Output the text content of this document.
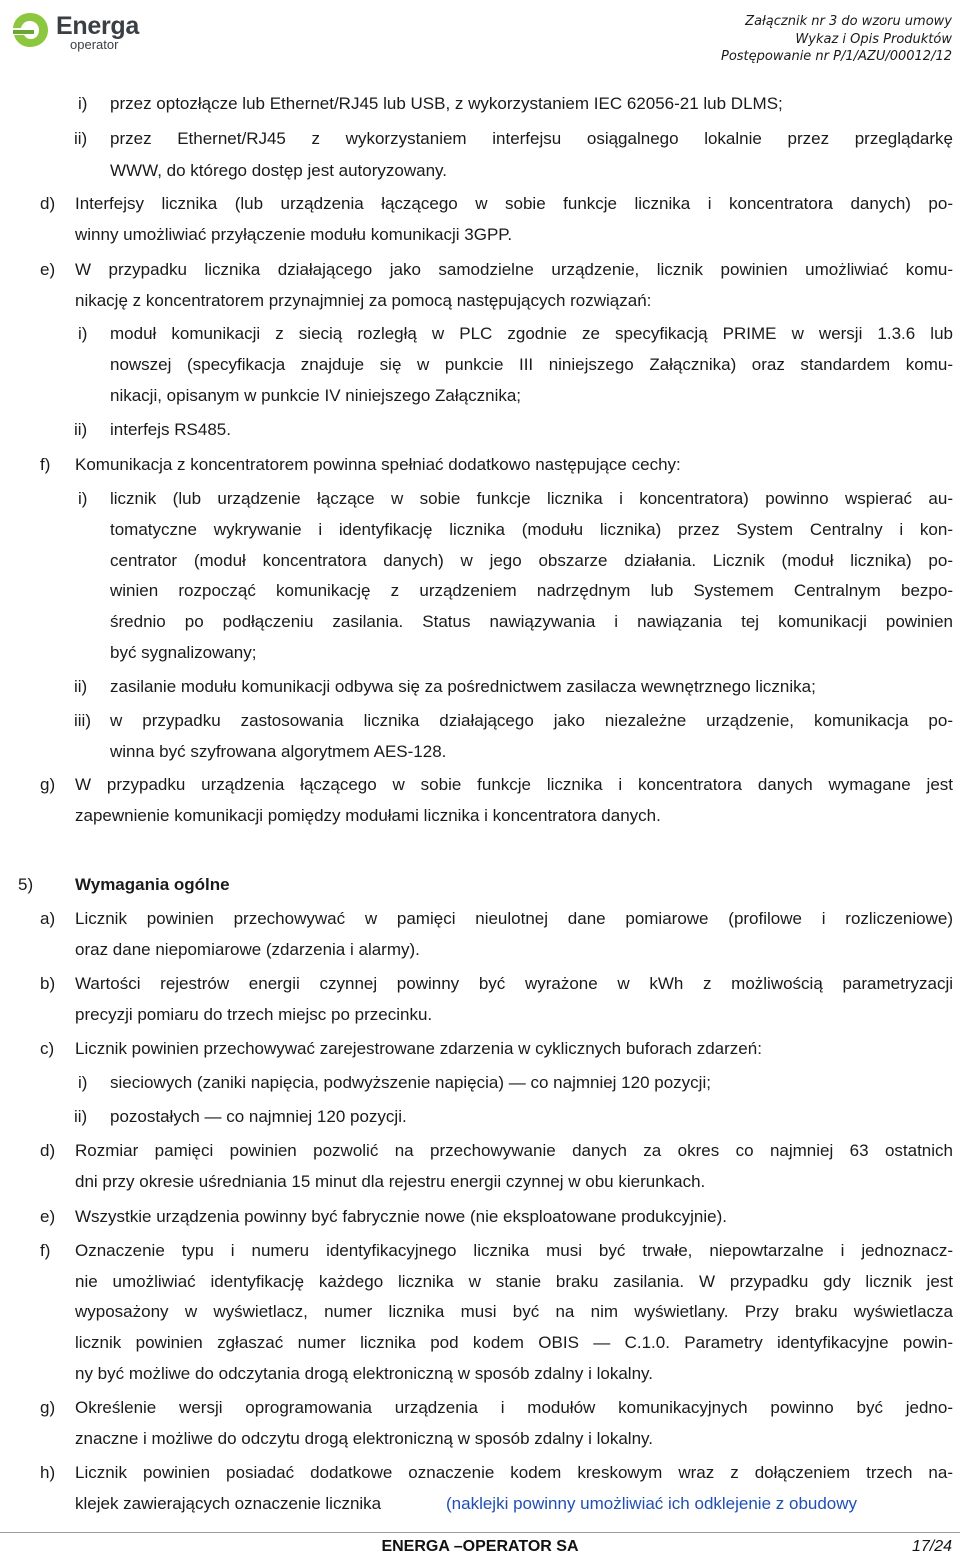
Energa
operator
Załącznik nr 3 do wzoru umowy
Wykaz i Opis Produktów
Postępowanie nr P/1/AZU/00012/12
i) przez optozłącze lub Ethernet/RJ45 lub USB, z wykorzystaniem IEC 62056-21 lub DLMS;
ii) przez Ethernet/RJ45 z wykorzystaniem interfejsu osiągalnego lokalnie przez przeglądarkę
WWW, do którego dostęp jest autoryzowany.
d) Interfejsy licznika (lub urządzenia łączącego w sobie funkcje licznika i koncentratora danych) po-
winny umożliwiać przyłączenie modułu komunikacji 3GPP.
e) W przypadku licznika działającego jako samodzielne urządzenie, licznik powinien umożliwiać komu-
nikację z koncentratorem przynajmniej za pomocą następujących rozwiązań:
i) moduł komunikacji z siecią rozległą w PLC zgodnie ze specyfikacją PRIME w wersji 1.3.6 lub
nowszej (specyfikacja znajduje się w punkcie III niniejszego Załącznika) oraz standardem komu-
nikacji, opisanym w punkcie IV niniejszego Załącznika;
ii) interfejs RS485.
f) Komunikacja z koncentratorem powinna spełniać dodatkowo następujące cechy:
i) licznik (lub urządzenie łączące w sobie funkcje licznika i koncentratora) powinno wspierać au-
tomatyczne wykrywanie i identyfikację licznika (modułu licznika) przez System Centralny i kon-
centrator (moduł koncentratora danych) w jego obszarze działania. Licznik (moduł licznika) po-
winien rozpocząć komunikację z urządzeniem nadrzędnym lub Systemem Centralnym bezpo-
średnio po podłączeniu zasilania. Status nawiązywania i nawiązania tej komunikacji powinien
być sygnalizowany;
ii) zasilanie modułu komunikacji odbywa się za pośrednictwem zasilacza wewnętrznego licznika;
iii) w przypadku zastosowania licznika działającego jako niezależne urządzenie, komunikacja po-
winna być szyfrowana algorytmem AES-128.
g) W przypadku urządzenia łączącego w sobie funkcje licznika i koncentratora danych wymagane jest
zapewnienie komunikacji pomiędzy modułami licznika i koncentratora danych.
5) Wymagania ogólne
a) Licznik powinien przechowywać w pamięci nieulotnej dane pomiarowe (profilowe i rozliczeniowe)
oraz dane niepomiarowe (zdarzenia i alarmy).
b) Wartości rejestrów energii czynnej powinny być wyrażone w kWh z możliwością parametryzacji
precyzji pomiaru do trzech miejsc po przecinku.
c) Licznik powinien przechowywać zarejestrowane zdarzenia w cyklicznych buforach zdarzeń:
i) sieciowych (zaniki napięcia, podwyższenie napięcia) — co najmniej 120 pozycji;
ii) pozostałych — co najmniej 120 pozycji.
d) Rozmiar pamięci powinien pozwolić na przechowywanie danych za okres co najmniej 63 ostatnich
dni przy okresie uśredniania 15 minut dla rejestru energii czynnej w obu kierunkach.
e) Wszystkie urządzenia powinny być fabrycznie nowe (nie eksploatowane produkcyjnie).
f) Oznaczenie typu i numeru identyfikacyjnego licznika musi być trwałe, niepowtarzalne i jednoznacz-
nie umożliwiać identyfikację każdego licznika w stanie braku zasilania. W przypadku gdy licznik jest
wyposażony w wyświetlacz, numer licznika musi być na nim wyświetlany. Przy braku wyświetlacza
licznik powinien zgłaszać numer licznika pod kodem OBIS — C.1.0. Parametry identyfikacyjne powin-
ny być możliwe do odczytania drogą elektroniczną w sposób zdalny i lokalny.
g) Określenie wersji oprogramowania urządzenia i modułów komunikacyjnych powinno być jedno-
znaczne i możliwe do odczytu drogą elektroniczną w sposób zdalny i lokalny.
h) Licznik powinien posiadać dodatkowe oznaczenie kodem kreskowym wraz z dołączeniem trzech na-
klejek zawierających oznaczenie licznika	(naklejki powinny umożliwiać ich odklejenie z obudowy
ENERGA –OPERATOR SA	17/24
